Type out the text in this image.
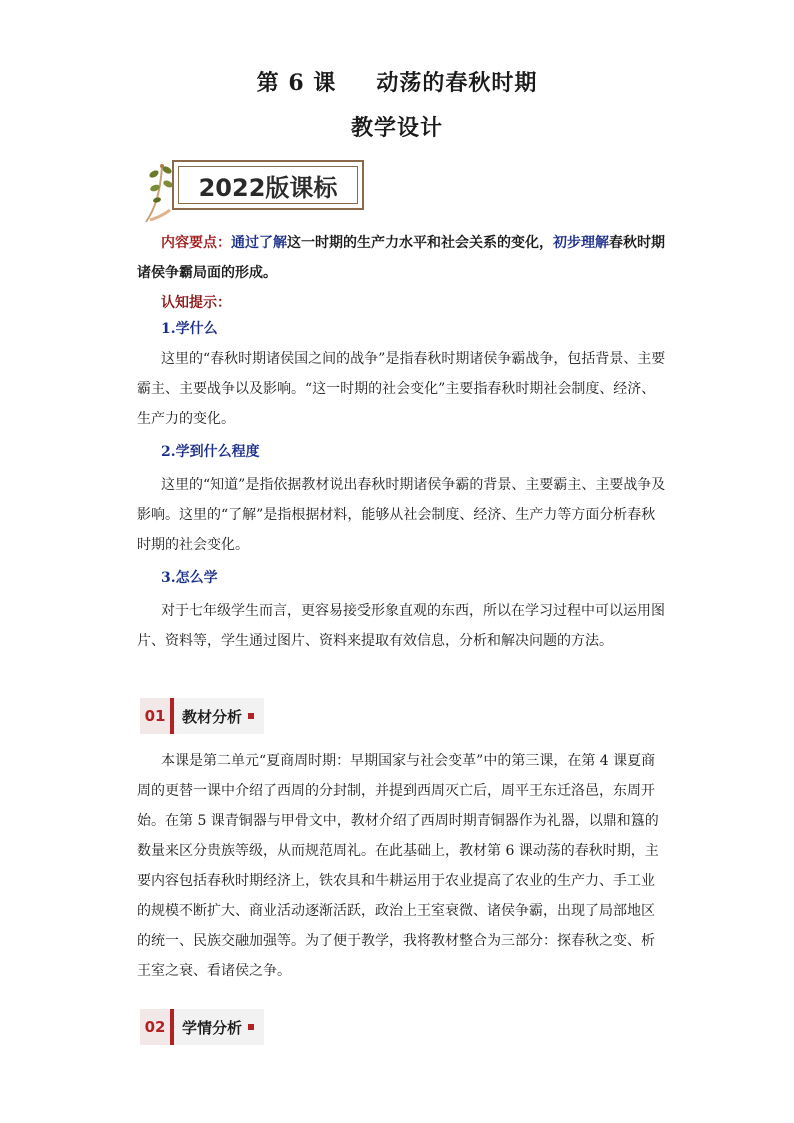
第 6 课 动荡的春秋时期
教学设计
2022版课标
内容要点：通过了解这一时期的生产力水平和社会关系的变化，初步理解春秋时期诸侯争霸局面的形成。
认知提示：
1.学什么
这里的“春秋时期诸侯国之间的战争”是指春秋时期诸侯争霸战争，包括背景、主要霸主、主要战争以及影响。“这一时期的社会变化”主要指春秋时期社会制度、经济、生产力的变化。
2.学到什么程度
这里的“知道”是指依据教材说出春秋时期诸侯争霸的背景、主要霸主、主要战争及影响。这里的“了解”是指根据材料，能够从社会制度、经济、生产力等方面分析春秋时期的社会变化。
3.怎么学
对于七年级学生而言，更容易接受形象直观的东西，所以在学习过程中可以运用图片、资料等，学生通过图片、资料来提取有效信息，分析和解决问题的方法。
01	教材分析
本课是第二单元“夏商周时期：早期国家与社会变革”中的第三课，在第 4 课夏商周的更替一课中介绍了西周的分封制，并提到西周灭亡后，周平王东迁洛邑，东周开始。在第 5 课青铜器与甲骨文中，教材介绍了西周时期青铜器作为礼器，以鼎和簋的数量来区分贵族等级，从而规范周礼。在此基础上，教材第 6 课动荡的春秋时期，主要内容包括春秋时期经济上，铁农具和牛耕运用于农业提高了农业的生产力、手工业的规模不断扩大、商业活动逐渐活跃，政治上王室衰微、诸侯争霸，出现了局部地区的统一、民族交融加强等。为了便于教学，我将教材整合为三部分：探春秋之变、析王室之衰、看诸侯之争。
02	学情分析
